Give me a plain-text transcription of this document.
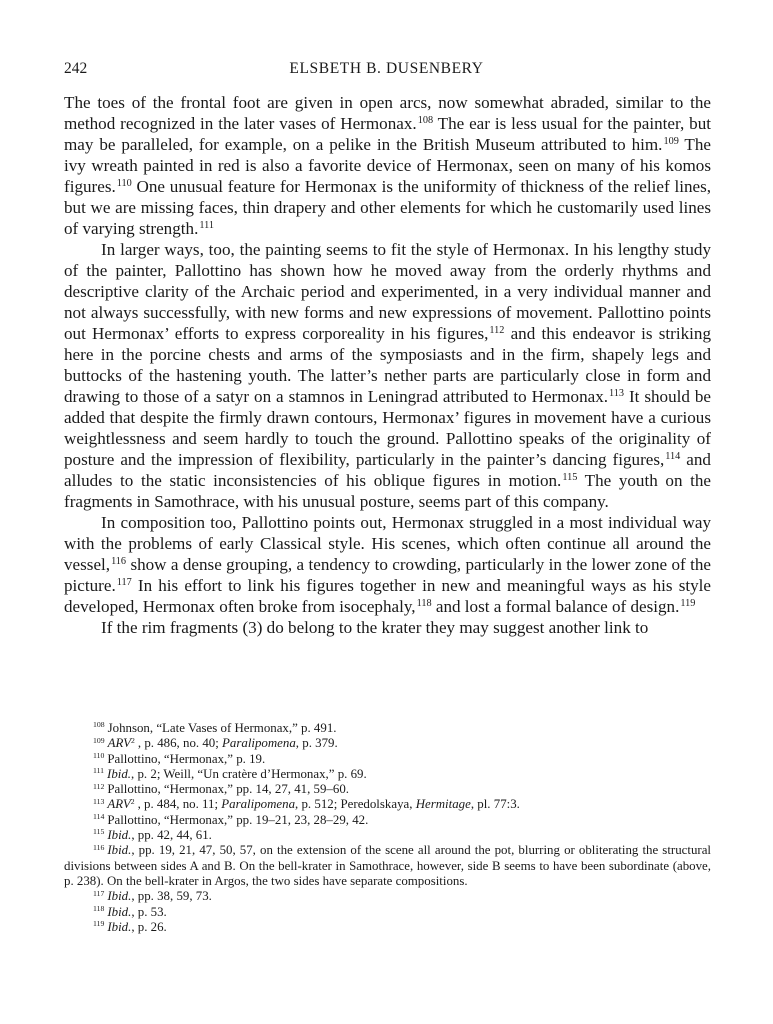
242	ELSBETH B. DUSENBERY

The toes of the frontal foot are given in open arcs, now somewhat abraded, similar to the method recognized in the later vases of Hermonax.$^{108}$ The ear is less usual for the painter, but may be paralleled, for example, on a pelike in the British Museum attributed to him.$^{109}$ The ivy wreath painted in red is also a favorite device of Hermonax, seen on many of his komos figures.$^{110}$ One unusual feature for Hermonax is the uniformity of thickness of the relief lines, but we are missing faces, thin drapery and other elements for which he customarily used lines of varying strength.$^{111}$

In larger ways, too, the painting seems to fit the style of Hermonax. In his lengthy study of the painter, Pallottino has shown how he moved away from the orderly rhythms and descriptive clarity of the Archaic period and experimented, in a very individual manner and not always successfully, with new forms and new expressions of movement. Pallottino points out Hermonax’ efforts to express corporeality in his figures,$^{112}$ and this endeavor is striking here in the porcine chests and arms of the symposiasts and in the firm, shapely legs and buttocks of the hastening youth. The latter’s nether parts are particularly close in form and drawing to those of a satyr on a stamnos in Leningrad attributed to Hermonax.$^{113}$ It should be added that despite the firmly drawn contours, Hermonax’ figures in movement have a curious weightlessness and seem hardly to touch the ground. Pallottino speaks of the originality of posture and the impression of flexibility, particularly in the painter’s dancing figures,$^{114}$ and alludes to the static inconsistencies of his oblique figures in motion.$^{115}$ The youth on the fragments in Samothrace, with his unusual posture, seems part of this company.

In composition too, Pallottino points out, Hermonax struggled in a most individual way with the problems of early Classical style. His scenes, which often continue all around the vessel,$^{116}$ show a dense grouping, a tendency to crowding, particularly in the lower zone of the picture.$^{117}$ In his effort to link his figures together in new and meaningful ways as his style developed, Hermonax often broke from isocephaly,$^{118}$ and lost a formal balance of design.$^{119}$

If the rim fragments (3) do belong to the krater they may suggest another link to

$^{108}$ Johnson, “Late Vases of Hermonax,” p. 491.
$^{109}$ ARV$^2$ , p. 486, no. 40; Paralipomena, p. 379.
$^{110}$ Pallottino, “Hermonax,” p. 19.
$^{111}$ Ibid., p. 2; Weill, “Un cratère d’Hermonax,” p. 69.
$^{112}$ Pallottino, “Hermonax,” pp. 14, 27, 41, 59–60.
$^{113}$ ARV$^2$ , p. 484, no. 11; Paralipomena, p. 512; Peredolskaya, Hermitage, pl. 77:3.
$^{114}$ Pallottino, “Hermonax,” pp. 19–21, 23, 28–29, 42.
$^{115}$ Ibid., pp. 42, 44, 61.
$^{116}$ Ibid., pp. 19, 21, 47, 50, 57, on the extension of the scene all around the pot, blurring or obliterating the structural divisions between sides A and B. On the bell-krater in Samothrace, however, side B seems to have been subordinate (above, p. 238). On the bell-krater in Argos, the two sides have separate compositions.
$^{117}$ Ibid., pp. 38, 59, 73.
$^{118}$ Ibid., p. 53.
$^{119}$ Ibid., p. 26.
